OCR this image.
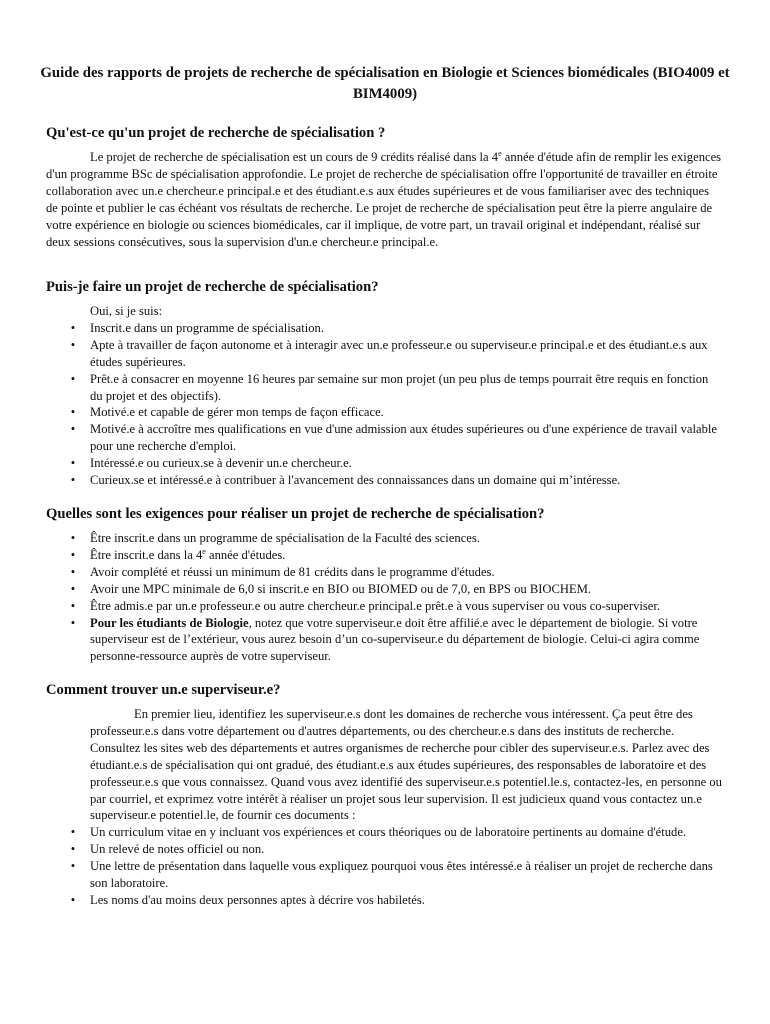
Guide des rapports de projets de recherche de spécialisation en Biologie et Sciences biomédicales (BIO4009 et BIM4009)
Qu'est-ce qu'un projet de recherche de spécialisation ?

Le projet de recherche de spécialisation est un cours de 9 crédits réalisé dans la 4e année d'étude afin de remplir les exigences d'un programme BSc de spécialisation approfondie. Le projet de recherche de spécialisation offre l'opportunité de travailler en étroite collaboration avec un.e chercheur.e principal.e et des étudiant.e.s aux études supérieures et de vous familiariser avec des techniques de pointe et publier le cas échéant vos résultats de recherche. Le projet de recherche de spécialisation peut être la pierre angulaire de votre expérience en biologie ou sciences biomédicales, car il implique, de votre part, un travail original et indépendant, réalisé sur deux sessions consécutives, sous la supervision d'un.e chercheur.e principal.e.

Puis-je faire un projet de recherche de spécialisation?

Oui, si je suis:

• Inscrit.e dans un programme de spécialisation.
• Apte à travailler de façon autonome et à interagir avec un.e professeur.e ou superviseur.e principal.e et des étudiant.e.s aux études supérieures.
• Prêt.e à consacrer en moyenne 16 heures par semaine sur mon projet (un peu plus de temps pourrait être requis en fonction du projet et des objectifs).
• Motivé.e et capable de gérer mon temps de façon efficace.
• Motivé.e à accroître mes qualifications en vue d'une admission aux études supérieures ou d'une expérience de travail valable pour une recherche d'emploi.
• Intéressé.e ou curieux.se à devenir un.e chercheur.e.
• Curieux.se et intéressé.e à contribuer à l'avancement des connaissances dans un domaine qui m’intéresse.
Quelles sont les exigences pour réaliser un projet de recherche de spécialisation?
• Être inscrit.e dans un programme de spécialisation de la Faculté des sciences.
• Être inscrit.e dans la 4e année d'études.
• Avoir complété et réussi un minimum de 81 crédits dans le programme d'études.
• Avoir une MPC minimale de 6,0 si inscrit.e en BIO ou BIOMED ou de 7,0, en BPS ou BIOCHEM.
• Être admis.e par un.e professeur.e ou autre chercheur.e principal.e prêt.e à vous superviser ou vous co-superviser.
• Pour les étudiants de Biologie, notez que votre superviseur.e doit être affilié.e avec le département de biologie. Si votre superviseur est de l’extérieur, vous aurez besoin d’un co-superviseur.e du département de biologie. Celui-ci agira comme personne-ressource auprès de votre superviseur.
Comment trouver un.e superviseur.e?

En premier lieu, identifiez les superviseur.e.s dont les domaines de recherche vous intéressent. Ça peut être des professeur.e.s dans votre département ou d'autres départements, ou des chercheur.e.s dans des instituts de recherche. Consultez les sites web des départements et autres organismes de recherche pour cibler des superviseur.e.s. Parlez avec des étudiant.e.s de spécialisation qui ont gradué, des étudiant.e.s aux études supérieures, des responsables de laboratoire et des professeur.e.s que vous connaissez. Quand vous avez identifié des superviseur.e.s potentiel.le.s, contactez-les, en personne ou par courriel, et exprimez votre intérêt à réaliser un projet sous leur supervision. Il est judicieux quand vous contactez un.e superviseur.e potentiel.le, de fournir ces documents :

• Un curriculum vitae en y incluant vos expériences et cours théoriques ou de laboratoire pertinents au domaine d'étude.
• Un relevé de notes officiel ou non.
• Une lettre de présentation dans laquelle vous expliquez pourquoi vous êtes intéressé.e à réaliser un projet de recherche dans son laboratoire.
• Les noms d'au moins deux personnes aptes à décrire vos habiletés.
